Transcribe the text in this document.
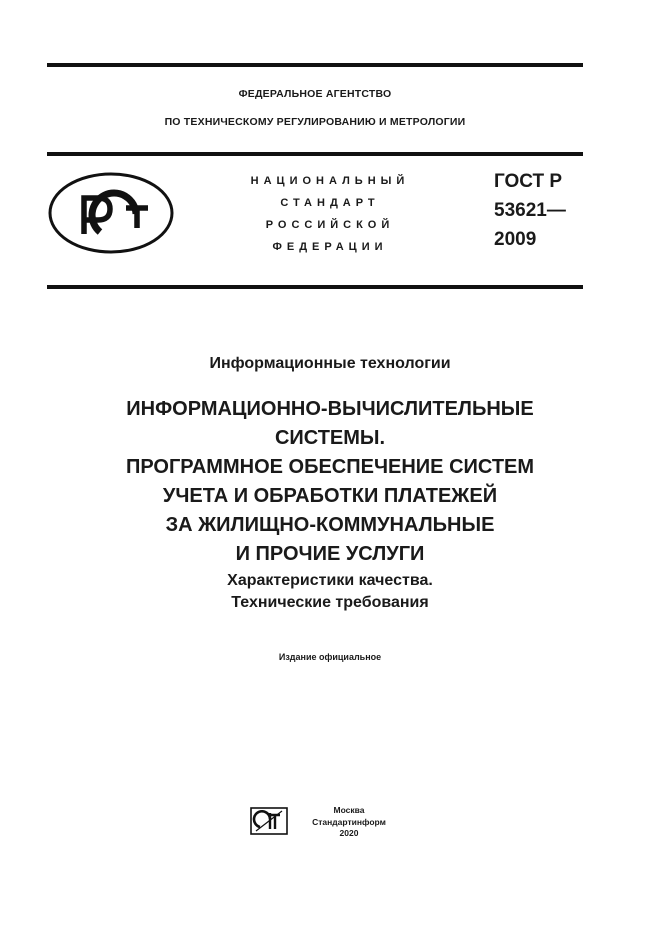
ФЕДЕРАЛЬНОЕ АГЕНТСТВО
ПО ТЕХНИЧЕСКОМУ РЕГУЛИРОВАНИЮ И МЕТРОЛОГИИ
НАЦИОНАЛЬНЫЙ
СТАНДАРТ
РОССИЙСКОЙ
ФЕДЕРАЦИИ
ГОСТ Р
53621—
2009
Информационные технологии
ИНФОРМАЦИОННО-ВЫЧИСЛИТЕЛЬНЫЕ
СИСТЕМЫ.
ПРОГРАММНОЕ ОБЕСПЕЧЕНИЕ СИСТЕМ
УЧЕТА И ОБРАБОТКИ ПЛАТЕЖЕЙ
ЗА ЖИЛИЩНО-КОММУНАЛЬНЫЕ
И ПРОЧИЕ УСЛУГИ
Характеристики качества.
Технические требования
Издание официальное
Москва
Стандартинформ
2020
